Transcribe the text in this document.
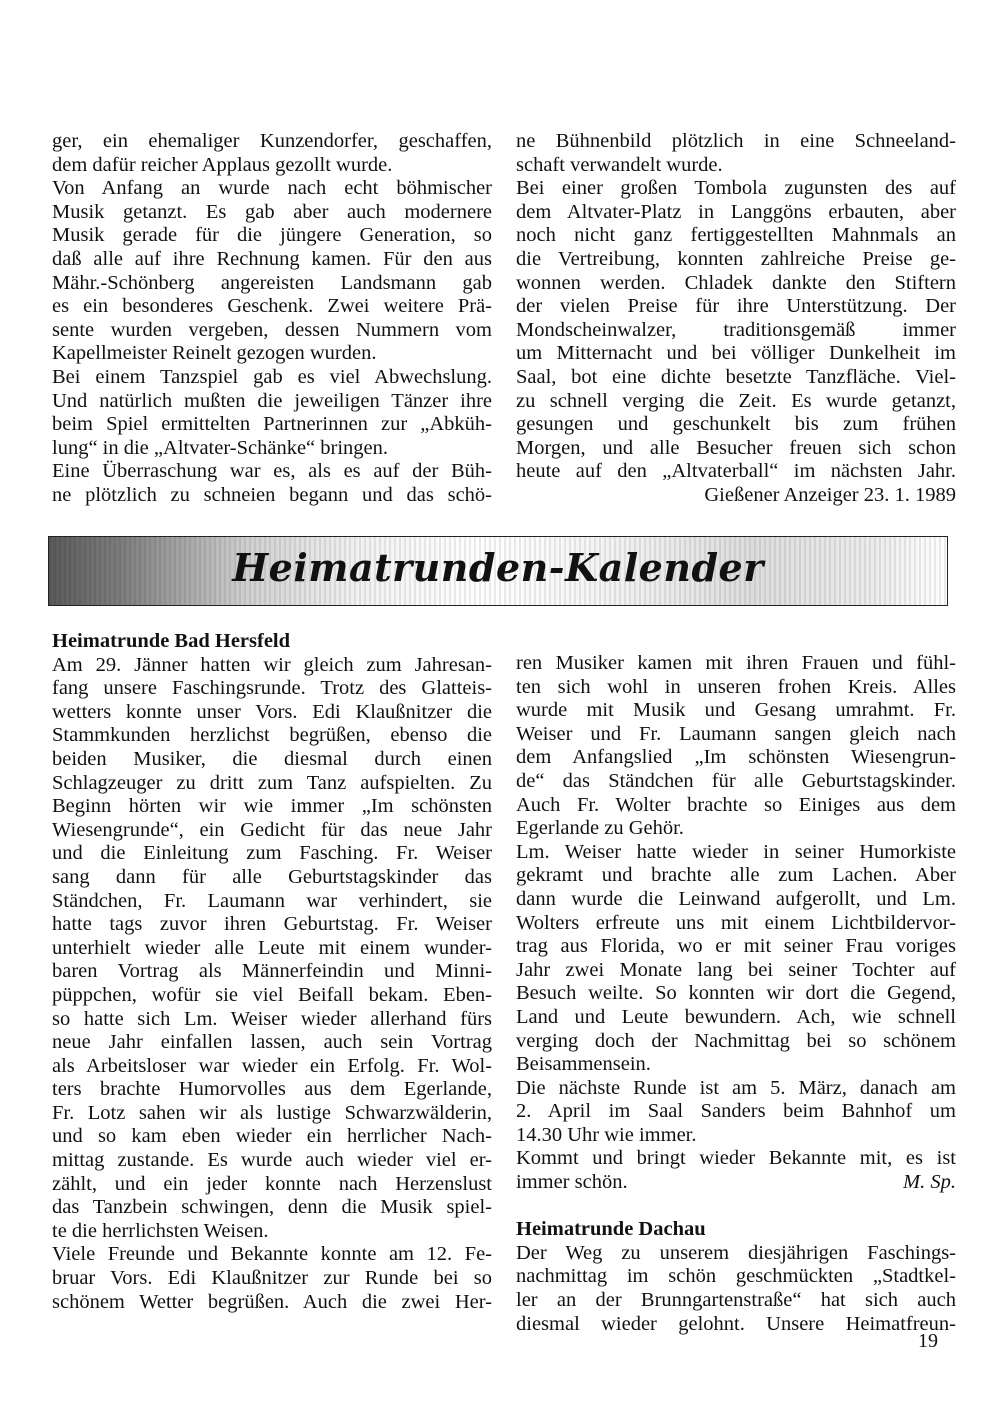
ger, ein ehemaliger Kunzendorfer, geschaffen,
dem dafür reicher Applaus gezollt wurde.
Von Anfang an wurde nach echt böhmischer
Musik getanzt. Es gab aber auch modernere
Musik gerade für die jüngere Generation, so
daß alle auf ihre Rechnung kamen. Für den aus
Mähr.-Schönberg angereisten Landsmann gab
es ein besonderes Geschenk. Zwei weitere Prä-
sente wurden vergeben, dessen Nummern vom
Kapellmeister Reinelt gezogen wurden.
Bei einem Tanzspiel gab es viel Abwechslung.
Und natürlich mußten die jeweiligen Tänzer ihre
beim Spiel ermittelten Partnerinnen zur „Abküh-
lung“ in die „Altvater-Schänke“ bringen.
Eine Überraschung war es, als es auf der Büh-
ne plötzlich zu schneien begann und das schö-
ne Bühnenbild plötzlich in eine Schneeland-
schaft verwandelt wurde.
Bei einer großen Tombola zugunsten des auf
dem Altvater-Platz in Langgöns erbauten, aber
noch nicht ganz fertiggestellten Mahnmals an
die Vertreibung, konnten zahlreiche Preise ge-
wonnen werden. Chladek dankte den Stiftern
der vielen Preise für ihre Unterstützung. Der
Mondscheinwalzer, traditionsgemäß immer
um Mitternacht und bei völliger Dunkelheit im
Saal, bot eine dichte besetzte Tanzfläche. Viel-
zu schnell verging die Zeit. Es wurde getanzt,
gesungen und geschunkelt bis zum frühen
Morgen, und alle Besucher freuen sich schon
heute auf den „Altvaterball“ im nächsten Jahr.
Gießener Anzeiger 23. 1. 1989
Heimatrunden-Kalender
Heimatrunde Bad Hersfeld
Am 29. Jänner hatten wir gleich zum Jahresan-
fang unsere Faschingsrunde. Trotz des Glatteis-
wetters konnte unser Vors. Edi Klaußnitzer die
Stammkunden herzlichst begrüßen, ebenso die
beiden Musiker, die diesmal durch einen
Schlagzeuger zu dritt zum Tanz aufspielten. Zu
Beginn hörten wir wie immer „Im schönsten
Wiesengrunde“, ein Gedicht für das neue Jahr
und die Einleitung zum Fasching. Fr. Weiser
sang dann für alle Geburtstagskinder das
Ständchen, Fr. Laumann war verhindert, sie
hatte tags zuvor ihren Geburtstag. Fr. Weiser
unterhielt wieder alle Leute mit einem wunder-
baren Vortrag als Männerfeindin und Minni-
püppchen, wofür sie viel Beifall bekam. Eben-
so hatte sich Lm. Weiser wieder allerhand fürs
neue Jahr einfallen lassen, auch sein Vortrag
als Arbeitsloser war wieder ein Erfolg. Fr. Wol-
ters brachte Humorvolles aus dem Egerlande,
Fr. Lotz sahen wir als lustige Schwarzwälderin,
und so kam eben wieder ein herrlicher Nach-
mittag zustande. Es wurde auch wieder viel er-
zählt, und ein jeder konnte nach Herzenslust
das Tanzbein schwingen, denn die Musik spiel-
te die herrlichsten Weisen.
Viele Freunde und Bekannte konnte am 12. Fe-
bruar Vors. Edi Klaußnitzer zur Runde bei so
schönem Wetter begrüßen. Auch die zwei Her-
ren Musiker kamen mit ihren Frauen und fühl-
ten sich wohl in unseren frohen Kreis. Alles
wurde mit Musik und Gesang umrahmt. Fr.
Weiser und Fr. Laumann sangen gleich nach
dem Anfangslied „Im schönsten Wiesengrun-
de“ das Ständchen für alle Geburtstagskinder.
Auch Fr. Wolter brachte so Einiges aus dem
Egerlande zu Gehör.
Lm. Weiser hatte wieder in seiner Humorkiste
gekramt und brachte alle zum Lachen. Aber
dann wurde die Leinwand aufgerollt, und Lm.
Wolters erfreute uns mit einem Lichtbildervor-
trag aus Florida, wo er mit seiner Frau voriges
Jahr zwei Monate lang bei seiner Tochter auf
Besuch weilte. So konnten wir dort die Gegend,
Land und Leute bewundern. Ach, wie schnell
verging doch der Nachmittag bei so schönem
Beisammensein.
Die nächste Runde ist am 5. März, danach am
2. April im Saal Sanders beim Bahnhof um
14.30 Uhr wie immer.
Kommt und bringt wieder Bekannte mit, es ist
immer schön.	M. Sp.
Heimatrunde Dachau
Der Weg zu unserem diesjährigen Faschings-
nachmittag im schön geschmückten „Stadtkel-
ler an der Brunngartenstraße“ hat sich auch
diesmal wieder gelohnt. Unsere Heimatfreun-
19
